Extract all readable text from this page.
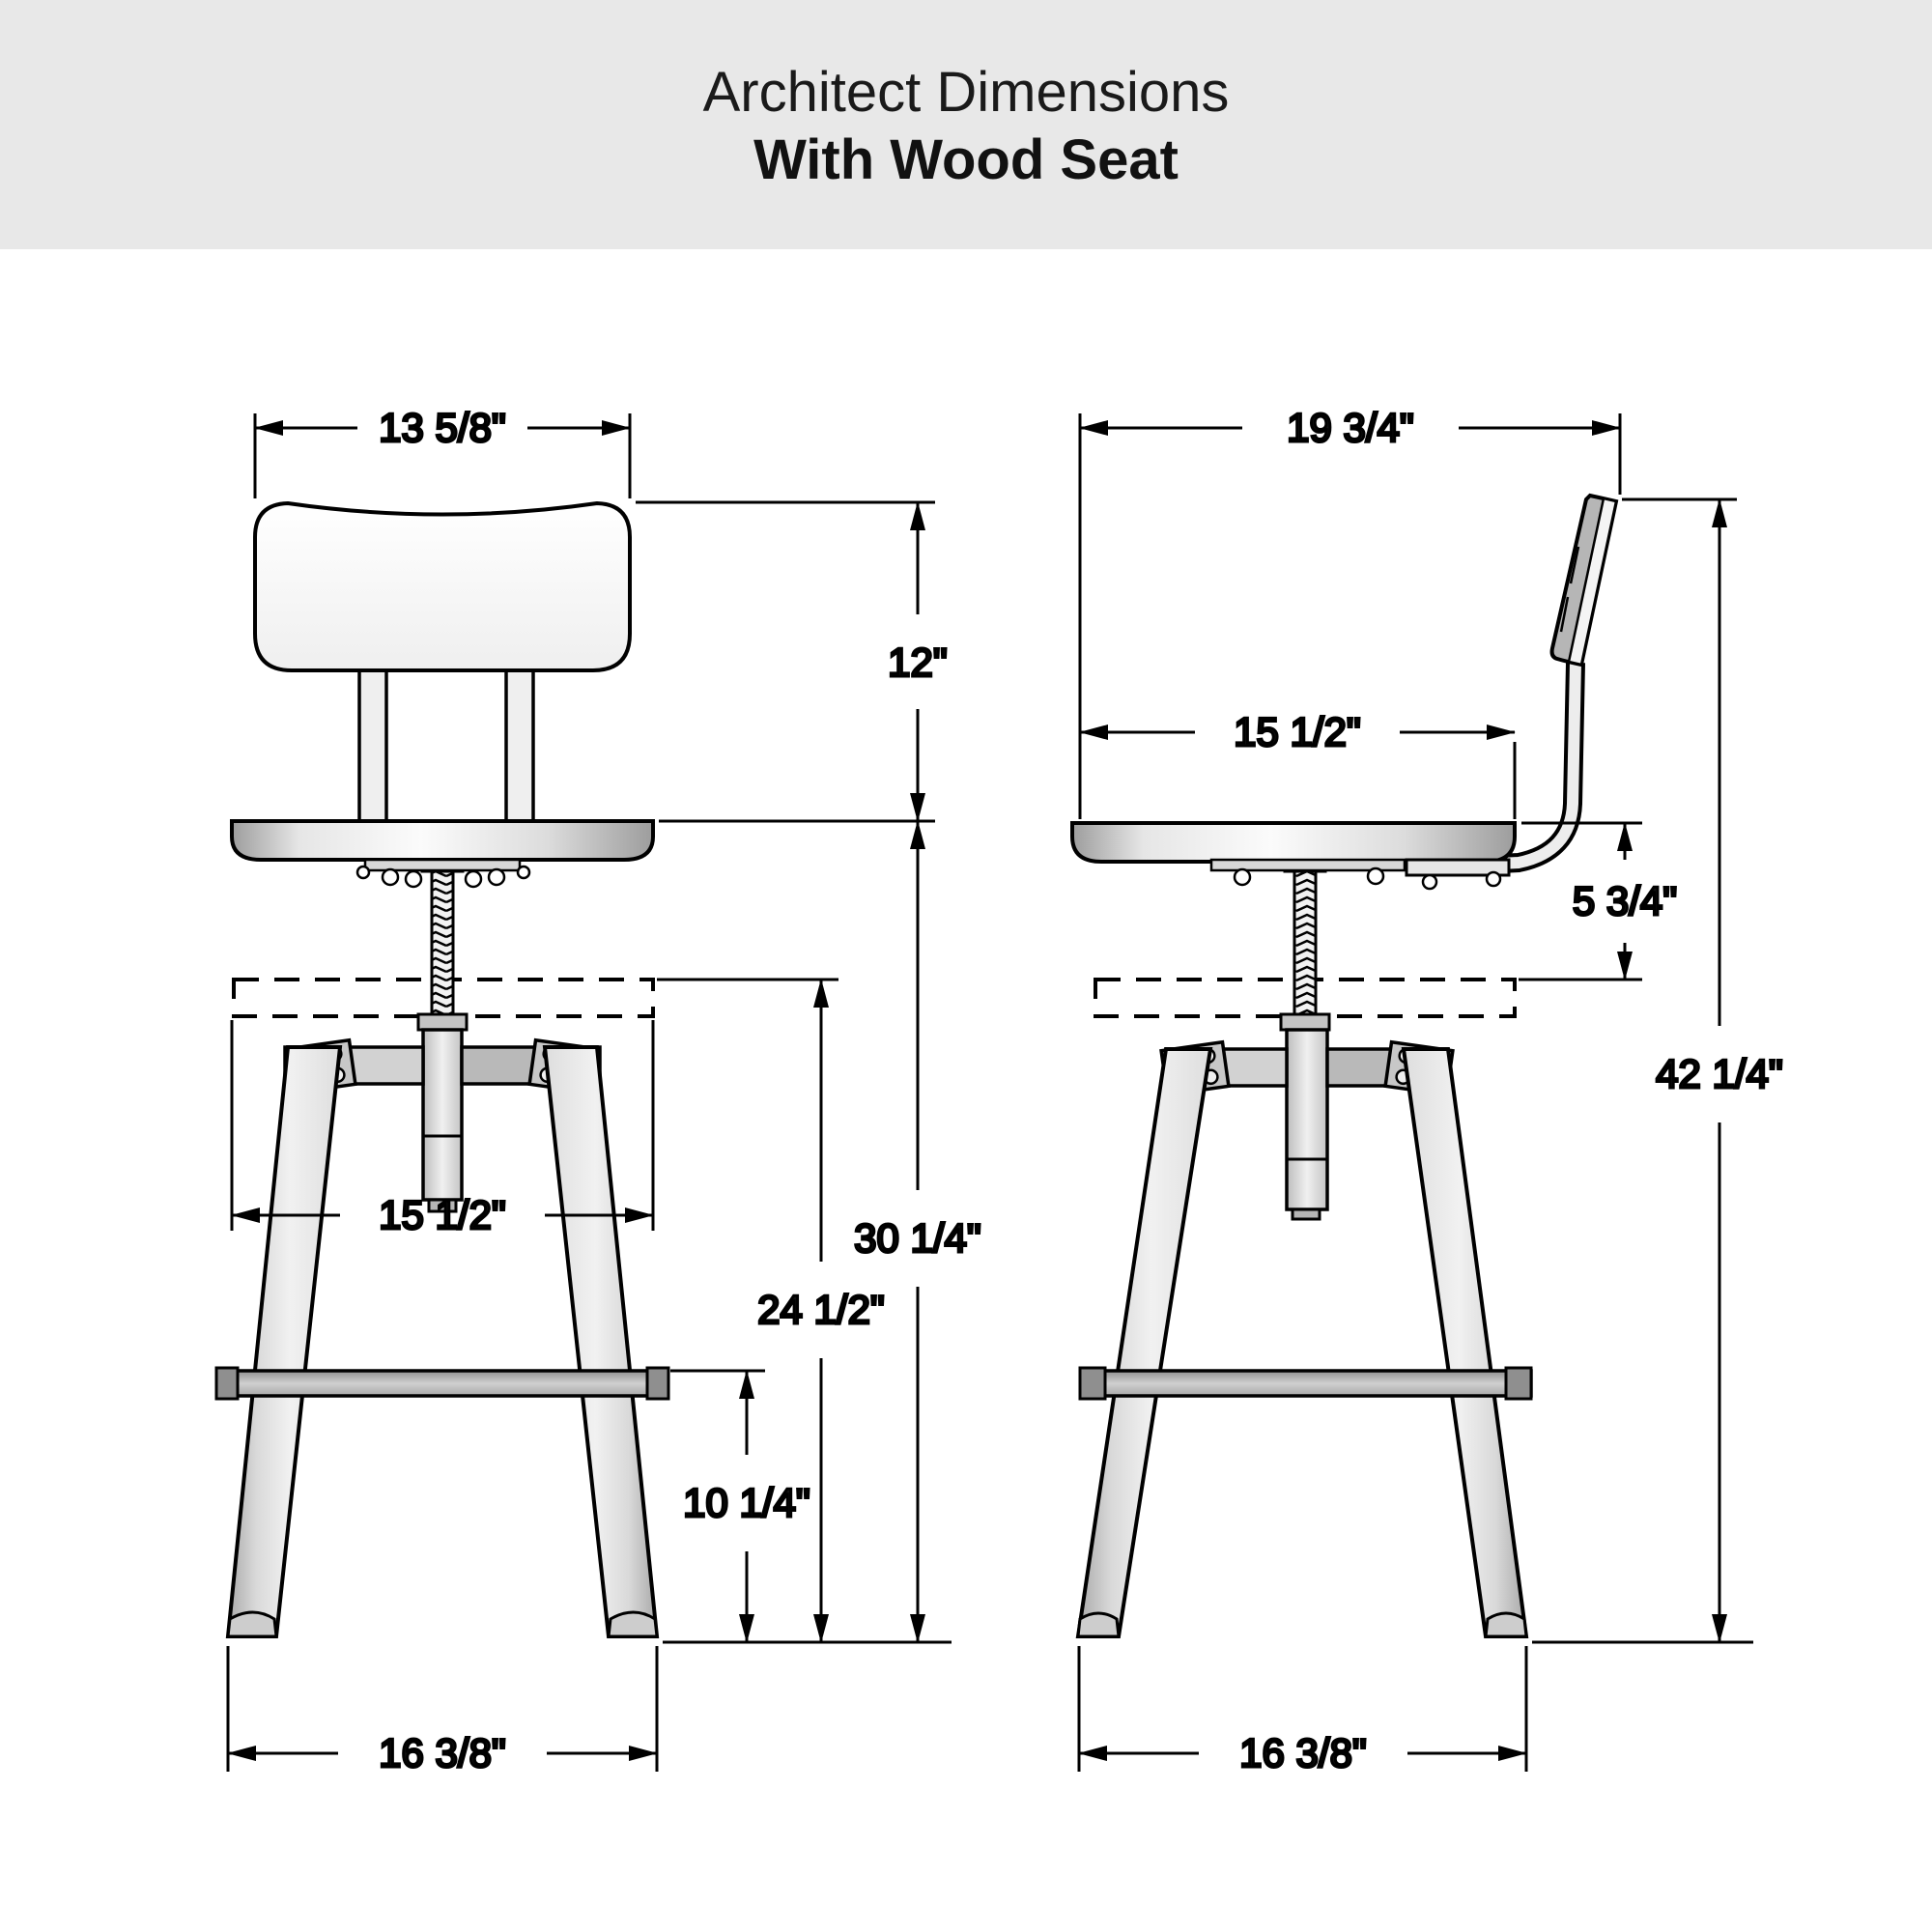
Architect Dimensions
With Wood Seat
13 5/8"
12"
30 1/4"
24 1/2"
10 1/4"
15 1/2"
16 3/8"
19 3/4"
15 1/2"
5 3/4"
42 1/4"
16 3/8"
